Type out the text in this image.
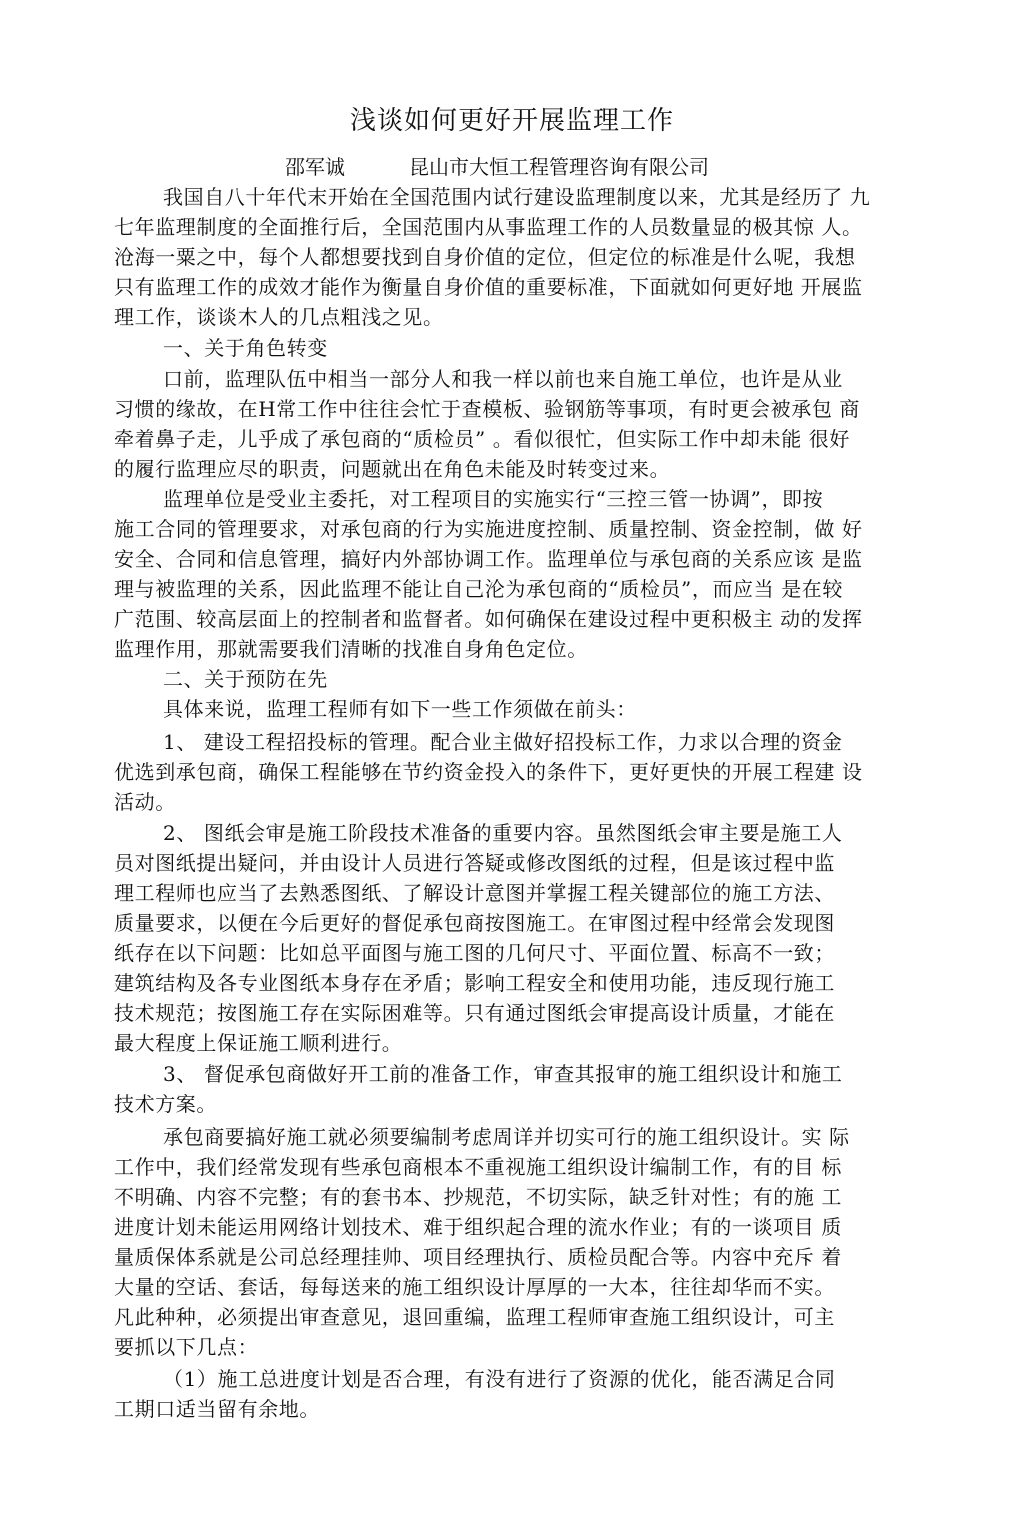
浅谈如何更好开展监理工作
邵军诚	昆山市大恒工程管理咨询有限公司
我国自八十年代末开始在全国范围内试行建设监理制度以来，尤其是经历了 九
七年监理制度的全面推行后，全国范围内从事监理工作的人员数量显的极其惊 人。
沧海一粟之中，每个人都想要找到自身价值的定位，但定位的标准是什么呢，我想
只有监理工作的成效才能作为衡量自身价值的重要标准，下面就如何更好地 开展监
理工作，谈谈木人的几点粗浅之见。
一、关于角色转变
口前，监理队伍中相当一部分人和我一样以前也来自施工单位，也许是从业
习惯的缘故，在H常工作中往往会忙于查模板、验钢筋等事项，有时更会被承包 商
牵着鼻子走，儿乎成了承包商的“质检员” 。看似很忙，但实际工作中却未能 很好
的履行监理应尽的职责，问题就出在角色未能及时转变过来。
监理单位是受业主委托，对工程项目的实施实行“三控三管一协调”，即按
施工合同的管理要求，对承包商的行为实施进度控制、质量控制、资金控制，做 好
安全、合同和信息管理，搞好内外部协调工作。监理单位与承包商的关系应该 是监
理与被监理的关系，因此监理不能让自己沦为承包商的“质检员”，而应当 是在较
广范围、较高层面上的控制者和监督者。如何确保在建设过程中更积极主 动的发挥
监理作用，那就需要我们清晰的找准自身角色定位。
二、关于预防在先
具体来说，监理工程师有如下一些工作须做在前头：
1、 建设工程招投标的管理。配合业主做好招投标工作，力求以合理的资金
优选到承包商，确保工程能够在节约资金投入的条件下，更好更快的开展工程建 设
活动。
2、 图纸会审是施工阶段技术准备的重要内容。虽然图纸会审主要是施工人
员对图纸提出疑问，并由设计人员进行答疑或修改图纸的过程，但是该过程中监
理工程师也应当了去熟悉图纸、了解设计意图并掌握工程关键部位的施工方法、
质量要求，以便在今后更好的督促承包商按图施工。在审图过程中经常会发现图
纸存在以下问题：比如总平面图与施工图的几何尺寸、平面位置、标高不一致；
建筑结构及各专业图纸本身存在矛盾；影响工程安全和使用功能，违反现行施工
技术规范；按图施工存在实际困难等。只有通过图纸会审提高设计质量，才能在
最大程度上保证施工顺利进行。
3、 督促承包商做好开工前的准备工作，审查其报审的施工组织设计和施工
技术方案。
承包商要搞好施工就必须要编制考虑周详并切实可行的施工组织设计。实 际
工作中，我们经常发现有些承包商根本不重视施工组织设计编制工作，有的目 标
不明确、内容不完整；有的套书本、抄规范，不切实际，缺乏针对性；有的施 工
进度计划未能运用网络计划技术、难于组织起合理的流水作业；有的一谈项目 质
量质保体系就是公司总经理挂帅、项目经理执行、质检员配合等。内容中充斥 着
大量的空话、套话，每每送来的施工组织设计厚厚的一大本，往往却华而不实。
凡此种种，必须提出审查意见，退回重编，监理工程师审查施工组织设计，可主
要抓以下几点：
（1）施工总进度计划是否合理，有没有进行了资源的优化，能否满足合同
工期口适当留有余地。
